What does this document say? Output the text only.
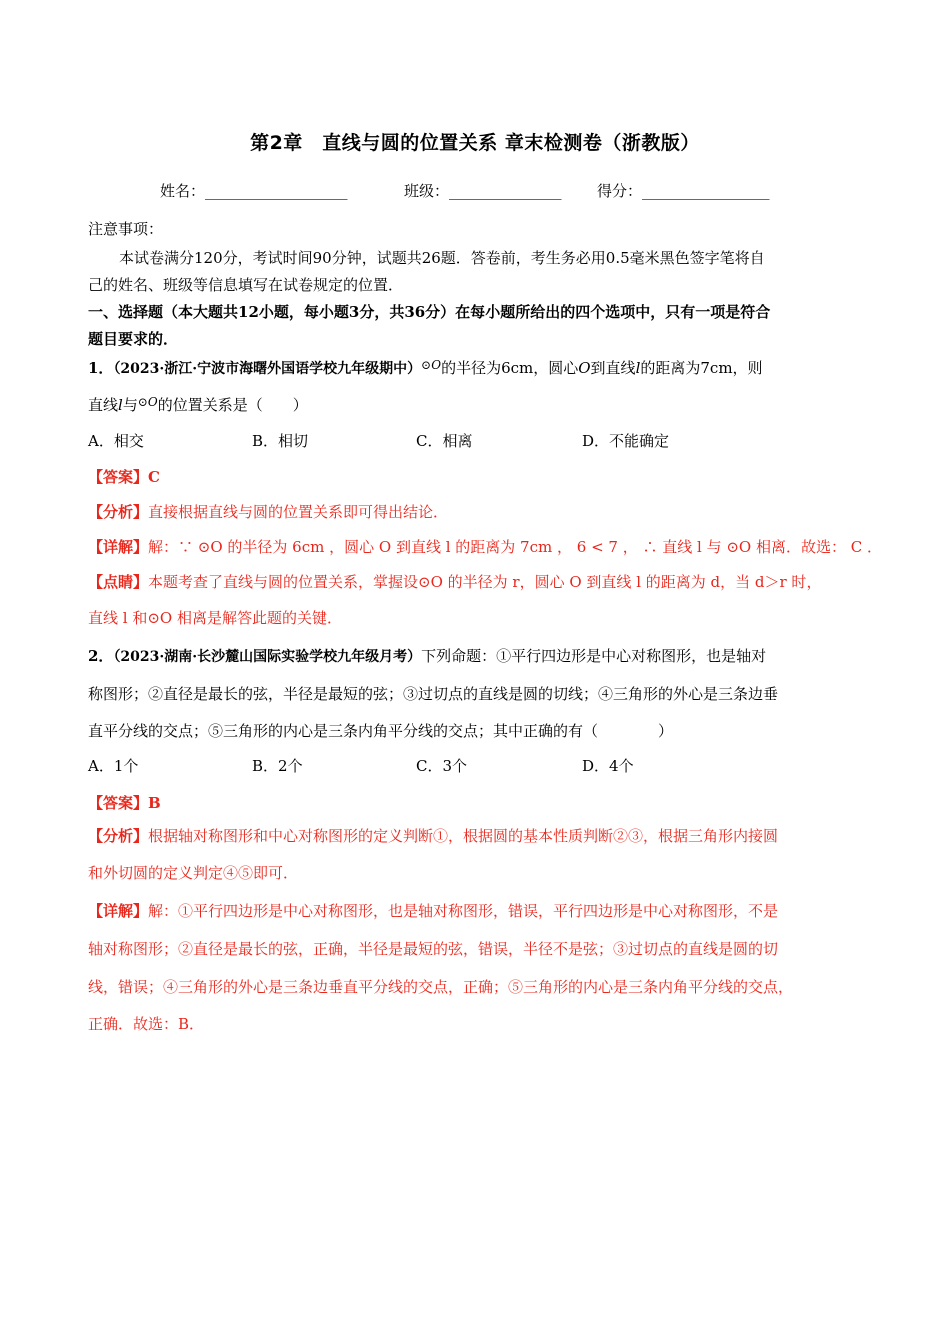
第2章　直线与圆的位置关系 章末检测卷（浙教版）
姓名：___________________	班级：_______________ 得分：_________________
注意事项：
本试卷满分120分，考试时间90分钟，试题共26题．答卷前，考生务必用0.5毫米黑色签字笔将自
己的姓名、班级等信息填写在试卷规定的位置．
一、选择题（本大题共12小题，每小题3分，共36分）在每小题所给出的四个选项中，只有一项是符合
题目要求的．
1．（2023·浙江·宁波市海曙外国语学校九年级期中）$^{⊙O}$的半径为6cm，圆心O到直线l的距离为7cm，则
直线l与$^{⊙O}$的位置关系是（　　）
A．相交	B．相切	C．相离	D．不能确定
【答案】C
【分析】直接根据直线与圆的位置关系即可得出结论．
【详解】解：∵ ⊙O 的半径为 6cm ，圆心 O 到直线 l 的距离为 7cm ， 6 < 7 ， ∴ 直线 l 与 ⊙O 相离．故选： C ．
【点睛】本题考查了直线与圆的位置关系，掌握设⊙O 的半径为 r，圆心 O 到直线 l 的距离为 d，当 d＞r 时，
直线 l 和⊙O 相离是解答此题的关键．
2．（2023·湖南·长沙麓山国际实验学校九年级月考）下列命题：①平行四边形是中心对称图形，也是轴对
称图形；②直径是最长的弦，半径是最短的弦；③过切点的直线是圆的切线；④三角形的外心是三条边垂
直平分线的交点；⑤三角形的内心是三条内角平分线的交点；其中正确的有（　　　　）
A．1个	B．2个	C．3个	D．4个
【答案】B
【分析】根据轴对称图形和中心对称图形的定义判断①，根据圆的基本性质判断②③，根据三角形内接圆
和外切圆的定义判定④⑤即可．
【详解】解：①平行四边形是中心对称图形，也是轴对称图形，错误，平行四边形是中心对称图形，不是
轴对称图形；②直径是最长的弦，正确，半径是最短的弦，错误，半径不是弦；③过切点的直线是圆的切
线，错误；④三角形的外心是三条边垂直平分线的交点，正确；⑤三角形的内心是三条内角平分线的交点，
正确．故选：B．
